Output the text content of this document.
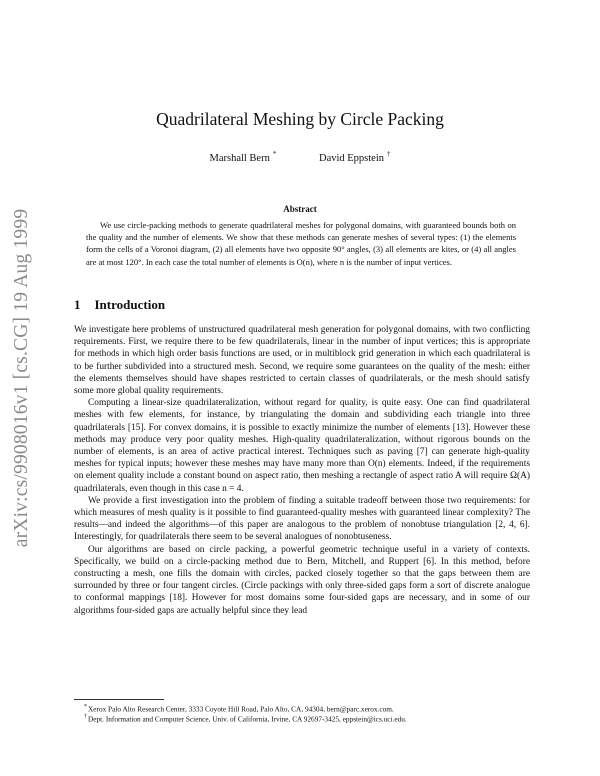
arXiv:cs/9908016v1 [cs.CG] 19 Aug 1999
Quadrilateral Meshing by Circle Packing
Marshall Bern *	David Eppstein †
Abstract
We use circle-packing methods to generate quadrilateral meshes for polygonal domains, with guaranteed bounds both on the quality and the number of elements. We show that these methods can generate meshes of several types: (1) the elements form the cells of a Voronoi diagram, (2) all elements have two opposite 90° angles, (3) all elements are kites, or (4) all angles are at most 120°. In each case the total number of elements is O(n), where n is the number of input vertices.
1 Introduction

We investigate here problems of unstructured quadrilateral mesh generation for polygonal domains, with two conflicting requirements. First, we require there to be few quadrilaterals, linear in the number of input vertices; this is appropriate for methods in which high order basis functions are used, or in multiblock grid generation in which each quadrilateral is to be further subdivided into a structured mesh. Second, we require some guarantees on the quality of the mesh: either the elements themselves should have shapes restricted to certain classes of quadrilaterals, or the mesh should satisfy some more global quality requirements.

Computing a linear-size quadrilateralization, without regard for quality, is quite easy. One can find quadrilateral meshes with few elements, for instance, by triangulating the domain and subdividing each triangle into three quadrilaterals [15]. For convex domains, it is possible to exactly minimize the number of elements [13]. However these methods may produce very poor quality meshes. High-quality quadrilateralization, without rigorous bounds on the number of elements, is an area of active practical interest. Techniques such as paving [7] can generate high-quality meshes for typical inputs; however these meshes may have many more than O(n) elements. Indeed, if the requirements on element quality include a constant bound on aspect ratio, then meshing a rectangle of aspect ratio A will require Ω(A) quadrilaterals, even though in this case n = 4.

We provide a first investigation into the problem of finding a suitable tradeoff between those two requirements: for which measures of mesh quality is it possible to find guaranteed-quality meshes with guaranteed linear complexity? The results—and indeed the algorithms—of this paper are analogous to the problem of nonobtuse triangulation [2, 4, 6]. Interestingly, for quadrilaterals there seem to be several analogues of nonobtuseness.

Our algorithms are based on circle packing, a powerful geometric technique useful in a variety of contexts. Specifically, we build on a circle-packing method due to Bern, Mitchell, and Ruppert [6]. In this method, before constructing a mesh, one fills the domain with circles, packed closely together so that the gaps between them are surrounded by three or four tangent circles. (Circle packings with only three-sided gaps form a sort of discrete analogue to conformal mappings [18]. However for most domains some four-sided gaps are necessary, and in some of our algorithms four-sided gaps are actually helpful since they lead

*Xerox Palo Alto Research Center, 3333 Coyote Hill Road, Palo Alto, CA, 94304, bern@parc.xerox.com.
†Dept. Information and Computer Science, Univ. of California, Irvine, CA 92697-3425, eppstein@ics.uci.edu.
